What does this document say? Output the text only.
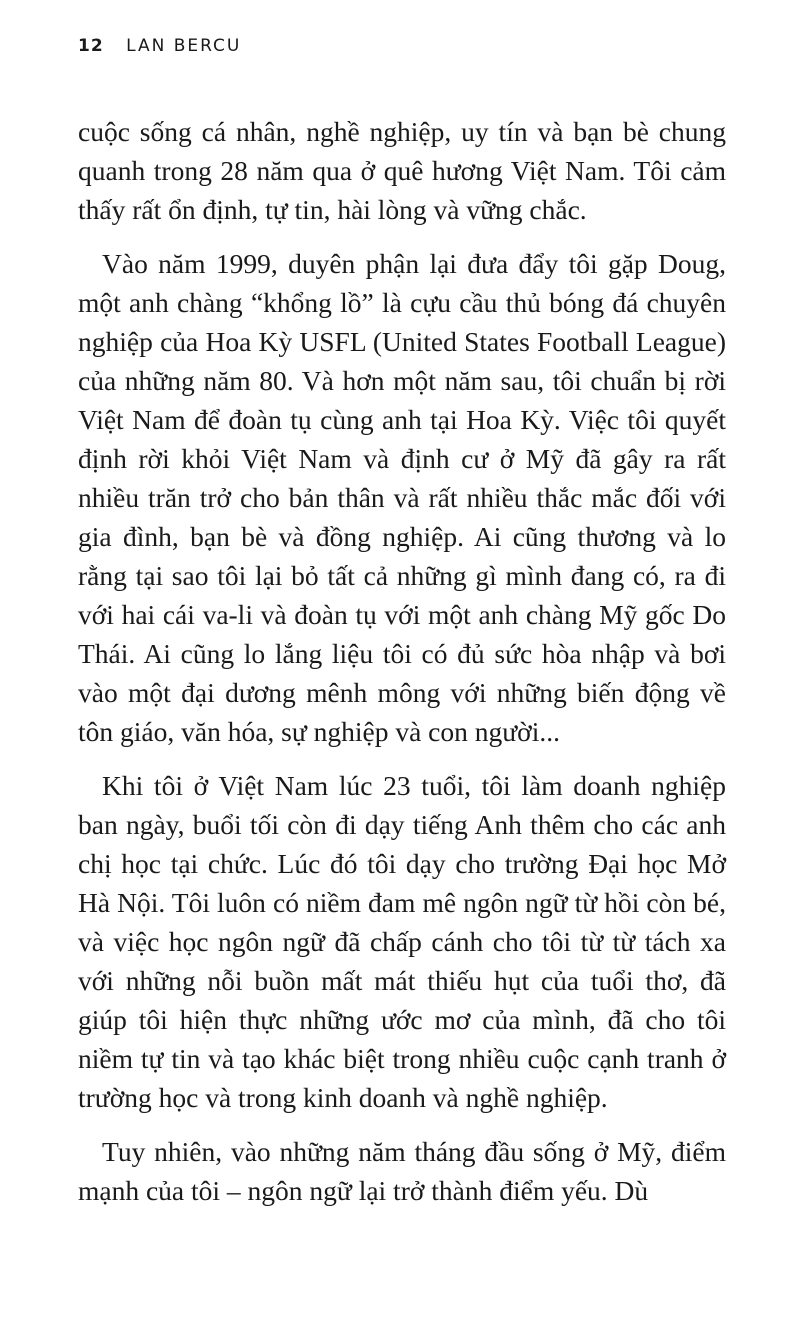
12 LAN BERCU

cuộc sống cá nhân, nghề nghiệp, uy tín và bạn bè chung quanh trong 28 năm qua ở quê hương Việt Nam. Tôi cảm thấy rất ổn định, tự tin, hài lòng và vững chắc.

Vào năm 1999, duyên phận lại đưa đẩy tôi gặp Doug, một anh chàng “khổng lồ” là cựu cầu thủ bóng đá chuyên nghiệp của Hoa Kỳ USFL (United States Football League) của những năm 80. Và hơn một năm sau, tôi chuẩn bị rời Việt Nam để đoàn tụ cùng anh tại Hoa Kỳ. Việc tôi quyết định rời khỏi Việt Nam và định cư ở Mỹ đã gây ra rất nhiều trăn trở cho bản thân và rất nhiều thắc mắc đối với gia đình, bạn bè và đồng nghiệp. Ai cũng thương và lo rằng tại sao tôi lại bỏ tất cả những gì mình đang có, ra đi với hai cái va-li và đoàn tụ với một anh chàng Mỹ gốc Do Thái. Ai cũng lo lắng liệu tôi có đủ sức hòa nhập và bơi vào một đại dương mênh mông với những biến động về tôn giáo, văn hóa, sự nghiệp và con người...

Khi tôi ở Việt Nam lúc 23 tuổi, tôi làm doanh nghiệp ban ngày, buổi tối còn đi dạy tiếng Anh thêm cho các anh chị học tại chức. Lúc đó tôi dạy cho trường Đại học Mở Hà Nội. Tôi luôn có niềm đam mê ngôn ngữ từ hồi còn bé, và việc học ngôn ngữ đã chấp cánh cho tôi từ từ tách xa với những nỗi buồn mất mát thiếu hụt của tuổi thơ, đã giúp tôi hiện thực những ước mơ của mình, đã cho tôi niềm tự tin và tạo khác biệt trong nhiều cuộc cạnh tranh ở trường học và trong kinh doanh và nghề nghiệp.

Tuy nhiên, vào những năm tháng đầu sống ở Mỹ, điểm mạnh của tôi – ngôn ngữ lại trở thành điểm yếu. Dù
